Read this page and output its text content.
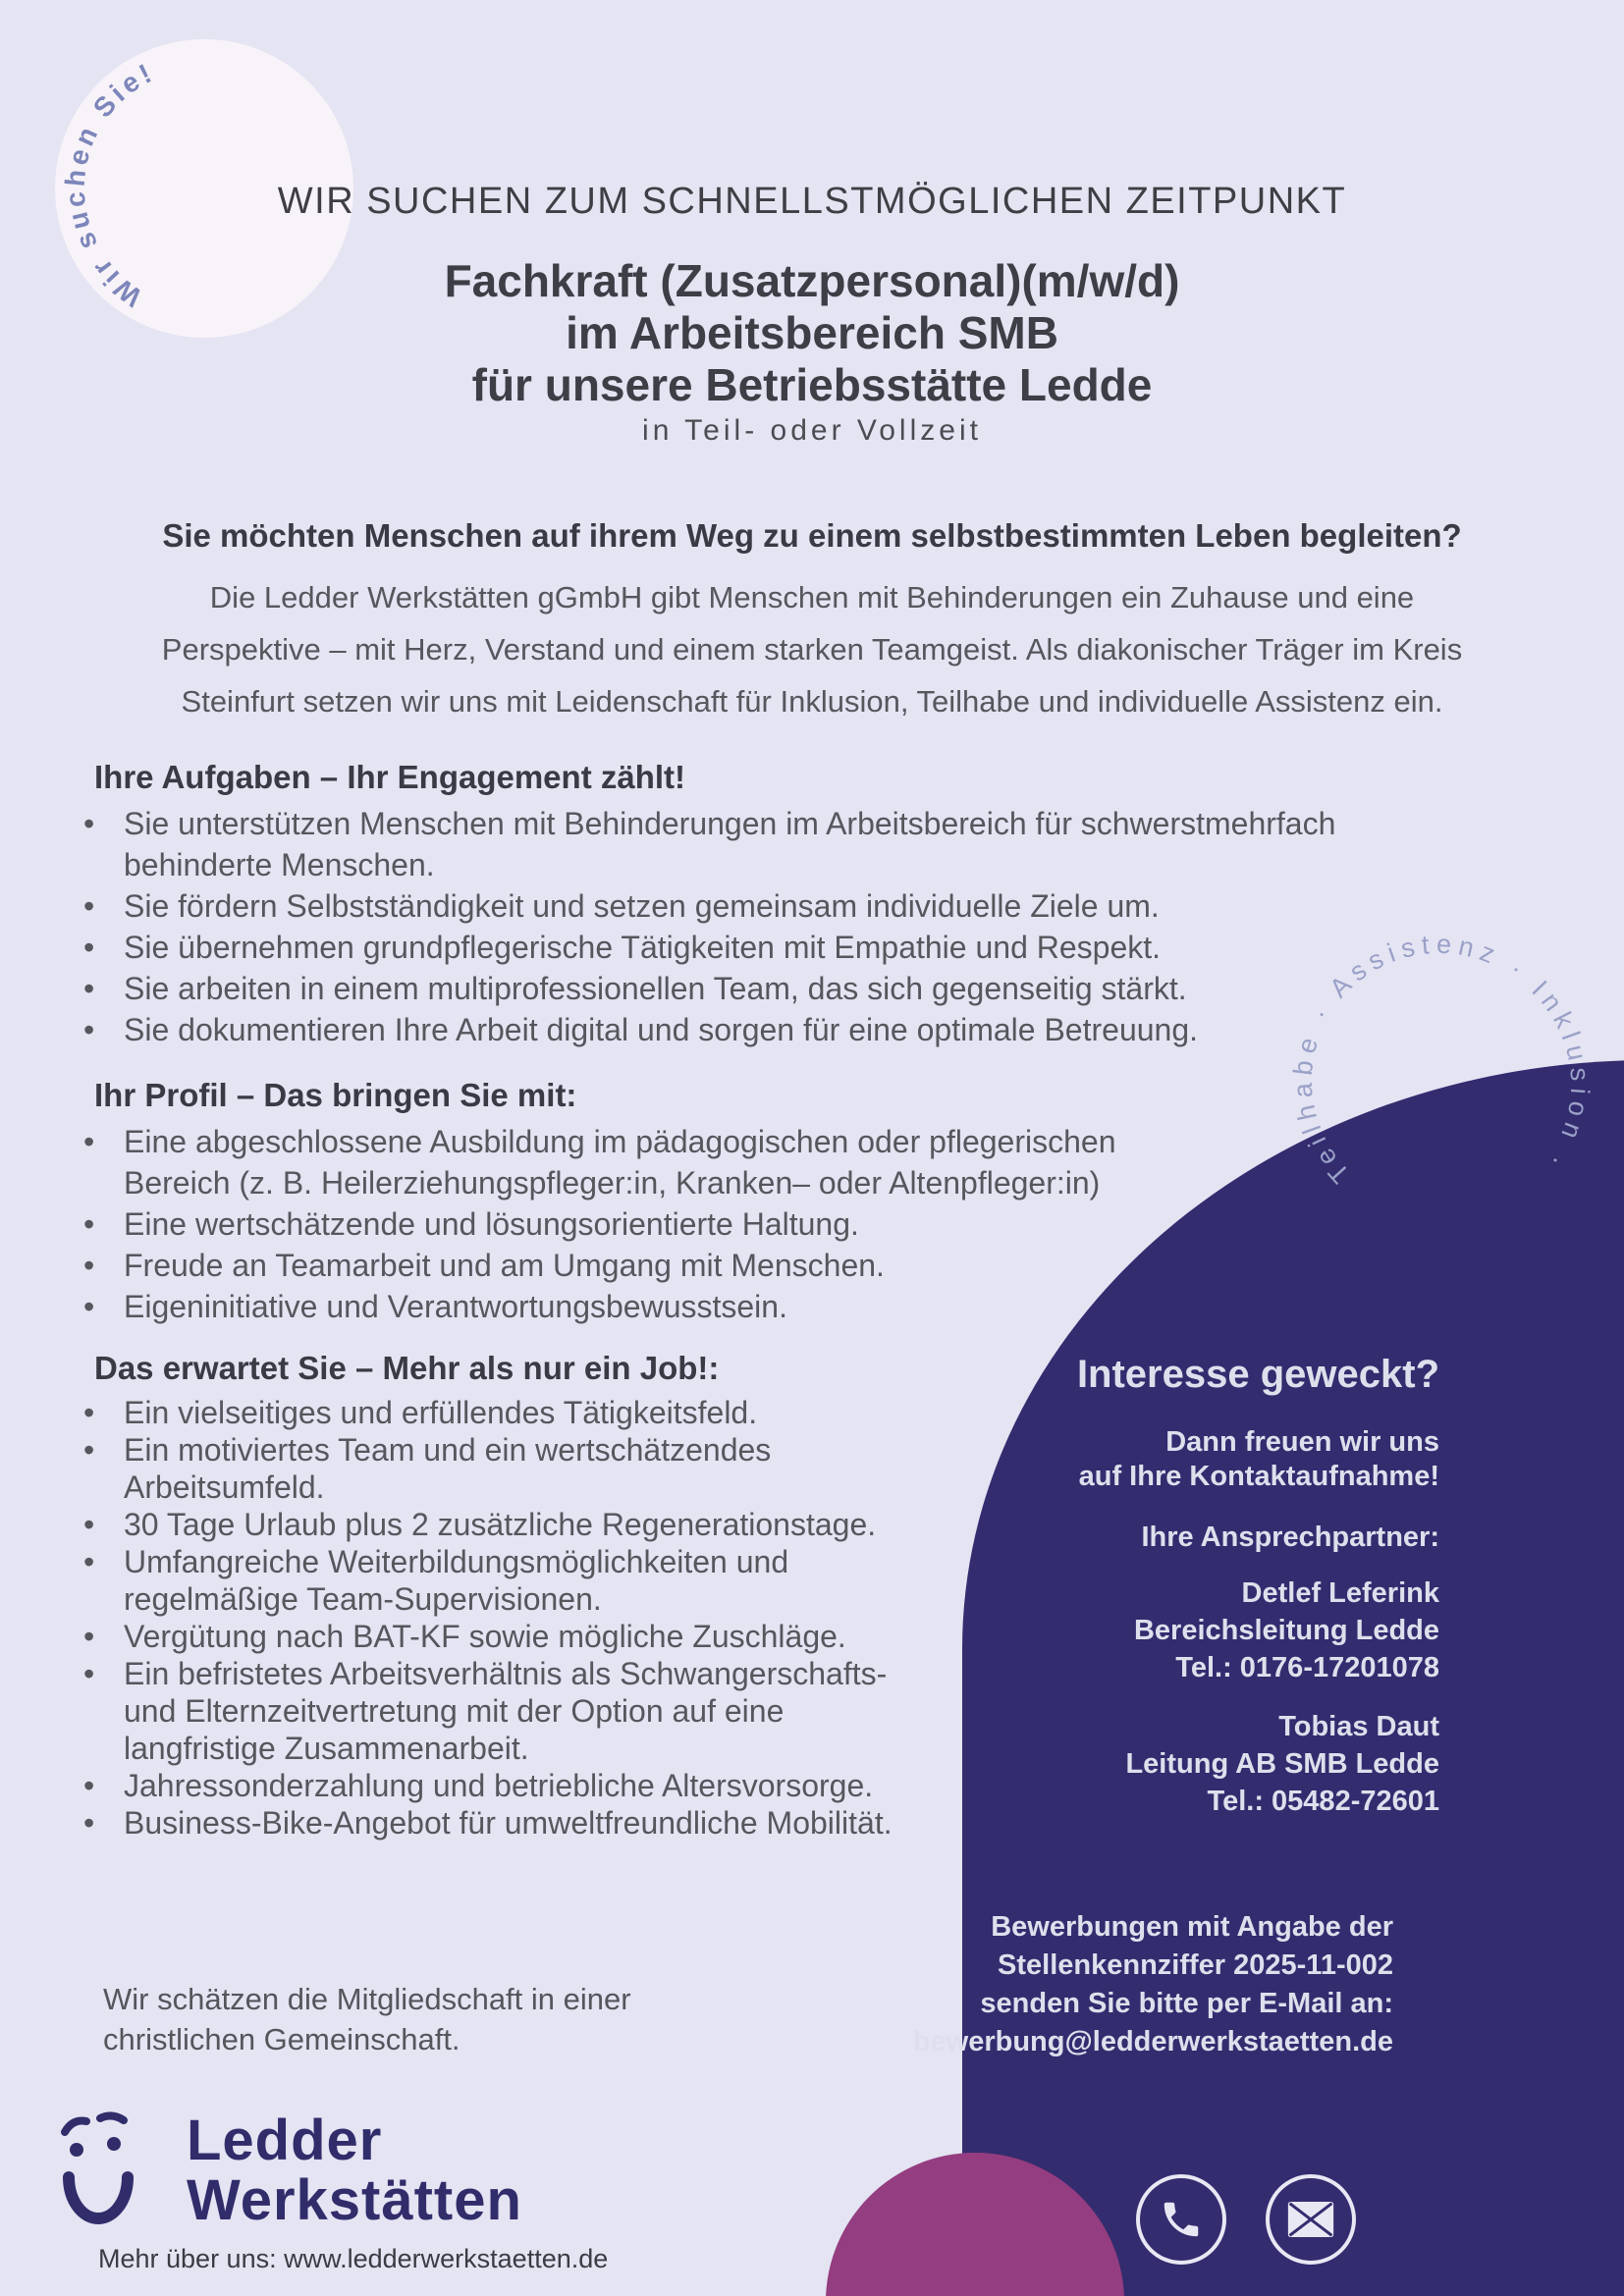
Wir suchen Sie!
Teilhabe · Assistenz · Inklusion ·
WIR SUCHEN ZUM SCHNELLSTMÖGLICHEN ZEITPUNKT
Fachkraft (Zusatzpersonal)(m/w/d)
im Arbeitsbereich SMB
für unsere Betriebsstätte Ledde
in Teil- oder Vollzeit
Sie möchten Menschen auf ihrem Weg zu einem selbstbestimmten Leben begleiten?
Die Ledder Werkstätten gGmbH gibt Menschen mit Behinderungen ein Zuhause und eine
Perspektive – mit Herz, Verstand und einem starken Teamgeist. Als diakonischer Träger im Kreis
Steinfurt setzen wir uns mit Leidenschaft für Inklusion, Teilhabe und individuelle Assistenz ein.
Ihre Aufgaben – Ihr Engagement zählt!
• Sie unterstützen Menschen mit Behinderungen im Arbeitsbereich für schwerstmehrfach
behinderte Menschen.
• Sie fördern Selbstständigkeit und setzen gemeinsam individuelle Ziele um.
• Sie übernehmen grundpflegerische Tätigkeiten mit Empathie und Respekt.
• Sie arbeiten in einem multiprofessionellen Team, das sich gegenseitig stärkt.
• Sie dokumentieren Ihre Arbeit digital und sorgen für eine optimale Betreuung.
Ihr Profil – Das bringen Sie mit:
• Eine abgeschlossene Ausbildung im pädagogischen oder pflegerischen
Bereich (z. B. Heilerziehungspfleger:in, Kranken– oder Altenpfleger:in)
• Eine wertschätzende und lösungsorientierte Haltung.
• Freude an Teamarbeit und am Umgang mit Menschen.
• Eigeninitiative und Verantwortungsbewusstsein.
Das erwartet Sie – Mehr als nur ein Job!:
• Ein vielseitiges und erfüllendes Tätigkeitsfeld.
• Ein motiviertes Team und ein wertschätzendes
Arbeitsumfeld.
• 30 Tage Urlaub plus 2 zusätzliche Regenerationstage.
• Umfangreiche Weiterbildungsmöglichkeiten und
regelmäßige Team-Supervisionen.
• Vergütung nach BAT-KF sowie mögliche Zuschläge.
• Ein befristetes Arbeitsverhältnis als Schwangerschafts-
und Elternzeitvertretung mit der Option auf eine
langfristige Zusammenarbeit.
• Jahressonderzahlung und betriebliche Altersvorsorge.
• Business-Bike-Angebot für umweltfreundliche Mobilität.
Interesse geweckt?
Dann freuen wir uns
auf Ihre Kontaktaufnahme!
Ihre Ansprechpartner:
Detlef Leferink
Bereichsleitung Ledde
Tel.: 0176-17201078
Tobias Daut
Leitung AB SMB Ledde
Tel.: 05482-72601
Bewerbungen mit Angabe der
Stellenkennziffer 2025-11-002
senden Sie bitte per E-Mail an:
bewerbung@ledderwerkstaetten.de
Wir schätzen die Mitgliedschaft in einer
christlichen Gemeinschaft.
Ledder
Werkstätten
Mehr über uns: www.ledderwerkstaetten.de
